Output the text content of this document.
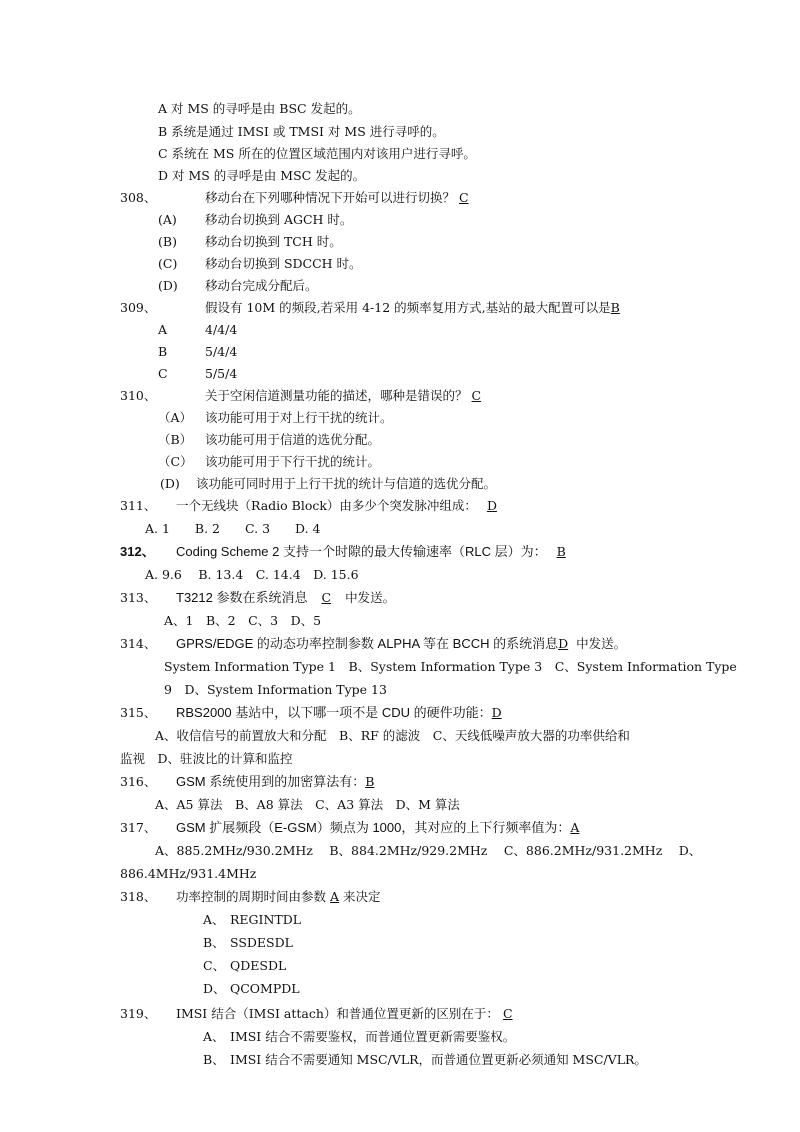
A 对 MS 的寻呼是由 BSC 发起的。
B 系统是通过 IMSI 或 TMSI 对 MS 进行寻呼的。
C 系统在 MS 所在的位置区域范围内对该用户进行寻呼。
D 对 MS 的寻呼是由 MSC 发起的。
308、	移动台在下列哪种情况下开始可以进行切换？ C
(A) 移动台切换到 AGCH 时。
(B) 移动台切换到 TCH 时。
(C) 移动台切换到 SDCCH 时。
(D) 移动台完成分配后。
309、	假设有 10M 的频段,若采用 4-12 的频率复用方式,基站的最大配置可以是B
A	4/4/4
B	5/4/4
C	5/5/4
310、	关于空闲信道测量功能的描述，哪种是错误的？ C
（A） 该功能可用于对上行干扰的统计。
（B） 该功能可用于信道的选优分配。
（C） 该功能可用于下行干扰的统计。
(D) 该功能可同时用于上行干扰的统计与信道的选优分配。
311、 一个无线块（Radio Block）由多少个突发脉冲组成： D
A. 1　　B. 2　　C. 3　　D. 4
312、 Coding Scheme 2 支持一个时隙的最大传输速率（RLC 层）为： B
A. 9.6　 B. 13.4　C. 14.4　D. 15.6
313、 T3212 参数在系统消息 C 中发送。
A、1　B、2　C、3　D、5
314、 GPRS/EDGE 的动态功率控制参数 ALPHA 等在 BCCH 的系统消息D 中发送。
System Information Type 1　B、System Information Type 3　C、System Information Type
9　D、System Information Type 13
315、 RBS2000 基站中，以下哪一项不是 CDU 的硬件功能：D
A、收信信号的前置放大和分配　B、RF 的滤波　C、天线低噪声放大器的功率供给和
监视　D、驻波比的计算和监控
316、 GSM 系统使用到的加密算法有：B
A、A5 算法　B、A8 算法　C、A3 算法　D、M 算法
317、 GSM 扩展频段（E-GSM）频点为 1000，其对应的上下行频率值为：A
A、885.2MHz/930.2MHz　 B、884.2MHz/929.2MHz　 C、886.2MHz/931.2MHz　 D、
886.4MHz/931.4MHz
318、 功率控制的周期时间由参数 A 来决定
A、 REGINTDL
B、 SSDESDL
C、 QDESDL
D、 QCOMPDL
319、 IMSI 结合（IMSI attach）和普通位置更新的区别在于： C
A、 IMSI 结合不需要鉴权，而普通位置更新需要鉴权。
B、 IMSI 结合不需要通知 MSC/VLR，而普通位置更新必须通知 MSC/VLR。
